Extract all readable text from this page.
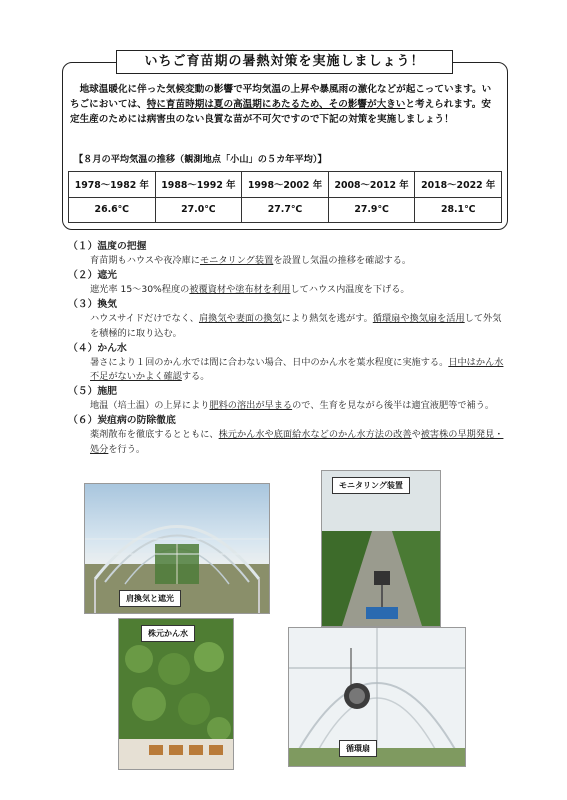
いちご育苗期の暑熱対策を実施しましょう！
　地球温暖化に伴った気候変動の影響で平均気温の上昇や暴風雨の激化などが起こっています。いちごにおいては、特に育苗時期は夏の高温期にあたるため、その影響が大きいと考えられます。安定生産のためには病害虫のない良質な苗が不可欠ですので下記の対策を実施しましょう！
【８月の平均気温の推移（観測地点「小山」の５カ年平均）】
1978～1982 年	1988～1992 年	1998～2002 年	2008～2012 年	2018～2022 年
26.6℃	27.0℃	27.7℃	27.9℃	28.1℃
（１）温度の把握
育苗期もハウスや夜冷庫にモニタリング装置を設置し気温の推移を確認する。
（２）遮光
遮光率 15～30%程度の被覆資材や塗布材を利用してハウス内温度を下げる。
（３）換気
ハウスサイドだけでなく、肩換気や妻面の換気により熱気を逃がす。循環扇や換気扇を活用して外気を積極的に取り込む。
（４）かん水
暑さにより１回のかん水では間に合わない場合、日中のかん水を葉水程度に実施する。日中はかん水不足がないかよく確認する。
（５）施肥
地温（培土温）の上昇により肥料の溶出が早まるので、生育を見ながら後半は適宜液肥等で補う。
（６）炭疽病の防除徹底
薬剤散布を徹底するとともに、株元かん水や底面給水などのかん水方法の改善や被害株の早期発見・処分を行う。
肩換気と遮光
モニタリング装置
株元かん水
循環扇
